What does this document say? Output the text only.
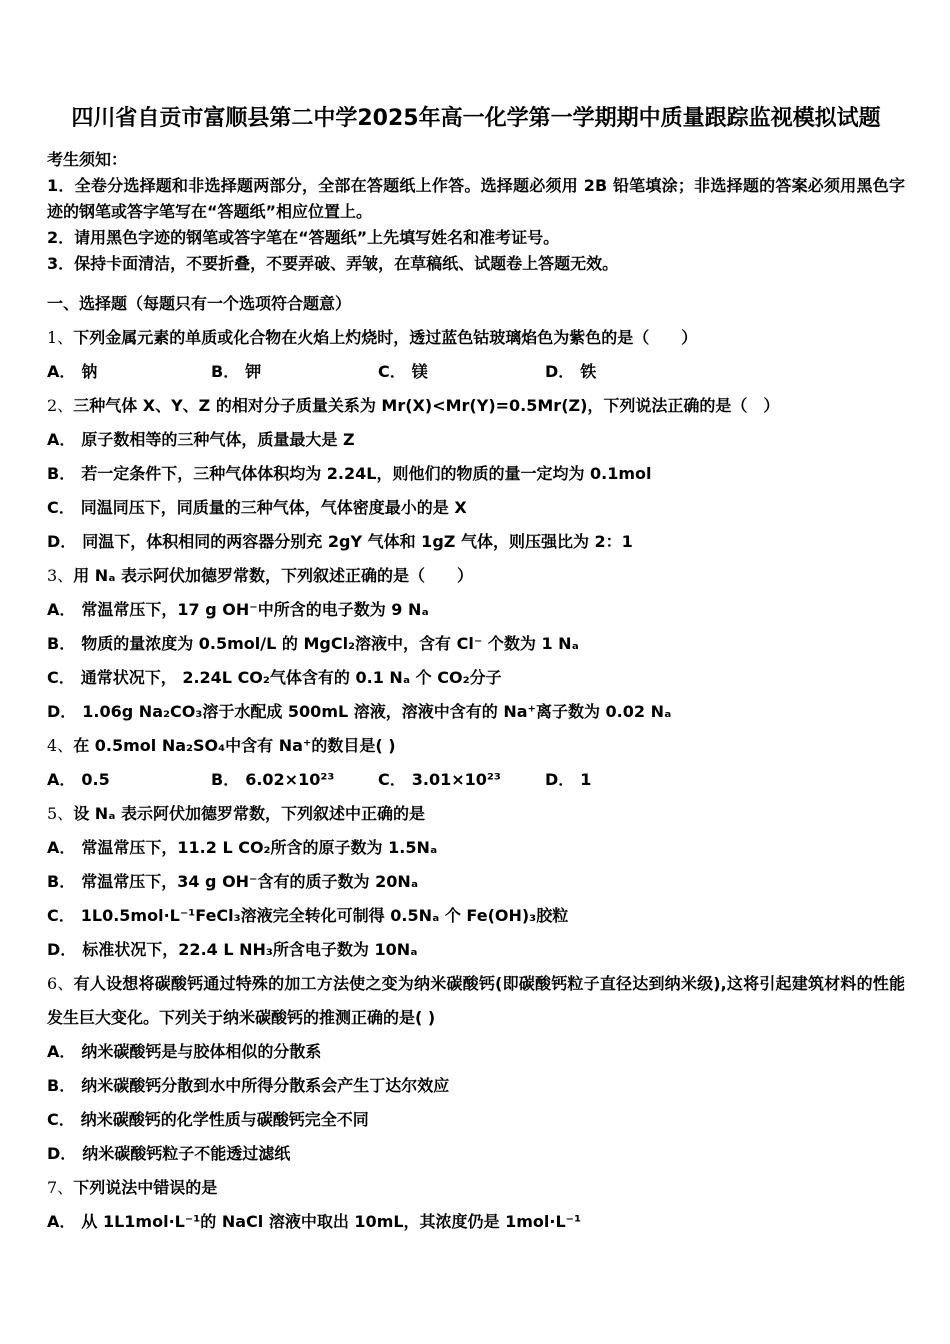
四川省自贡市富顺县第二中学2025年高一化学第一学期期中质量跟踪监视模拟试题
考生须知：
1．全卷分选择题和非选择题两部分，全部在答题纸上作答。选择题必须用 2B 铅笔填涂；非选择题的答案必须用黑色字迹的钢笔或答字笔写在“答题纸”相应位置上。
2．请用黑色字迹的钢笔或答字笔在“答题纸”上先填写姓名和准考证号。
3．保持卡面清洁，不要折叠，不要弄破、弄皱，在草稿纸、试题卷上答题无效。
一、选择题（每题只有一个选项符合题意）
1、下列金属元素的单质或化合物在火焰上灼烧时，透过蓝色钴玻璃焰色为紫色的是（　　）
A． 钠	B． 钾	C． 镁	D． 铁
2、三种气体 X、Y、Z 的相对分子质量关系为 Mr(X)<Mr(Y)=0.5Mr(Z)，下列说法正确的是（　）
A． 原子数相等的三种气体，质量最大是 Z
B． 若一定条件下，三种气体体积均为 2.24L，则他们的物质的量一定均为 0.1mol
C． 同温同压下，同质量的三种气体，气体密度最小的是 X
D． 同温下，体积相同的两容器分别充 2gY 气体和 1gZ 气体，则压强比为 2：1
3、用 Nₐ 表示阿伏加德罗常数，下列叙述正确的是（　　）
A． 常温常压下，17 g OH⁻中所含的电子数为 9 Nₐ
B． 物质的量浓度为 0.5mol/L 的 MgCl₂溶液中，含有 Cl⁻ 个数为 1 Nₐ
C． 通常状况下， 2.24L CO₂气体含有的 0.1 Nₐ 个 CO₂分子
D． 1.06g Na₂CO₃溶于水配成 500mL 溶液，溶液中含有的 Na⁺离子数为 0.02 Nₐ
4、在 0.5mol Na₂SO₄中含有 Na⁺的数目是( )
A． 0.5	B． 6.02×10²³	C． 3.01×10²³	D． 1
5、设 Nₐ 表示阿伏加德罗常数，下列叙述中正确的是
A． 常温常压下，11.2 L CO₂所含的原子数为 1.5Nₐ
B． 常温常压下，34 g OH⁻含有的质子数为 20Nₐ
C． 1L0.5mol·L⁻¹FeCl₃溶液完全转化可制得 0.5Nₐ 个 Fe(OH)₃胶粒
D． 标准状况下，22.4 L NH₃所含电子数为 10Nₐ
6、有人设想将碳酸钙通过特殊的加工方法使之变为纳米碳酸钙(即碳酸钙粒子直径达到纳米级),这将引起建筑材料的性能发生巨大变化。下列关于纳米碳酸钙的推测正确的是( )
A． 纳米碳酸钙是与胶体相似的分散系
B． 纳米碳酸钙分散到水中所得分散系会产生丁达尔效应
C． 纳米碳酸钙的化学性质与碳酸钙完全不同
D． 纳米碳酸钙粒子不能透过滤纸
7、下列说法中错误的是
A． 从 1L1mol·L⁻¹的 NaCl 溶液中取出 10mL，其浓度仍是 1mol·L⁻¹
